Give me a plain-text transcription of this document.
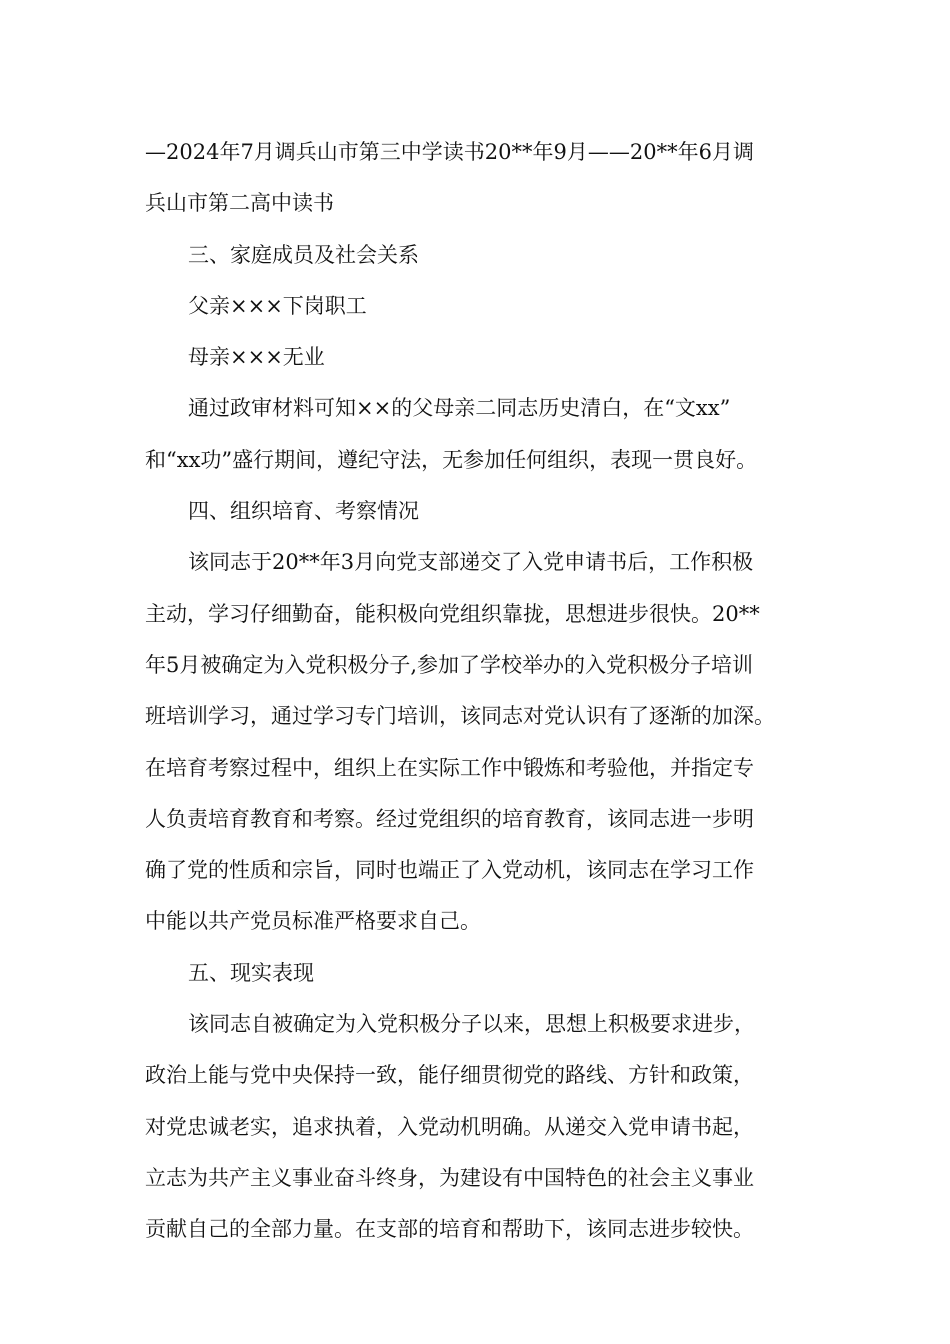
—2024年7月调兵山市第三中学读书20**年9月——20**年6月调

兵山市第二高中读书

三、家庭成员及社会关系

父亲×××下岗职工

母亲×××无业

通过政审材料可知××的父母亲二同志历史清白，在“文xx”

和“xx功”盛行期间，遵纪守法，无参加任何组织，表现一贯良好。

四、组织培育、考察情况

该同志于20**年3月向党支部递交了入党申请书后，工作积极

主动，学习仔细勤奋，能积极向党组织靠拢，思想进步很快。20**

年5月被确定为入党积极分子,参加了学校举办的入党积极分子培训

班培训学习，通过学习专门培训，该同志对党认识有了逐渐的加深。

在培育考察过程中，组织上在实际工作中锻炼和考验他，并指定专

人负责培育教育和考察。经过党组织的培育教育，该同志进一步明

确了党的性质和宗旨，同时也端正了入党动机，该同志在学习工作

中能以共产党员标准严格要求自己。

五、现实表现

该同志自被确定为入党积极分子以来，思想上积极要求进步，

政治上能与党中央保持一致，能仔细贯彻党的路线、方针和政策，

对党忠诚老实，追求执着，入党动机明确。从递交入党申请书起，

立志为共产主义事业奋斗终身，为建设有中国特色的社会主义事业

贡献自己的全部力量。在支部的培育和帮助下，该同志进步较快。
